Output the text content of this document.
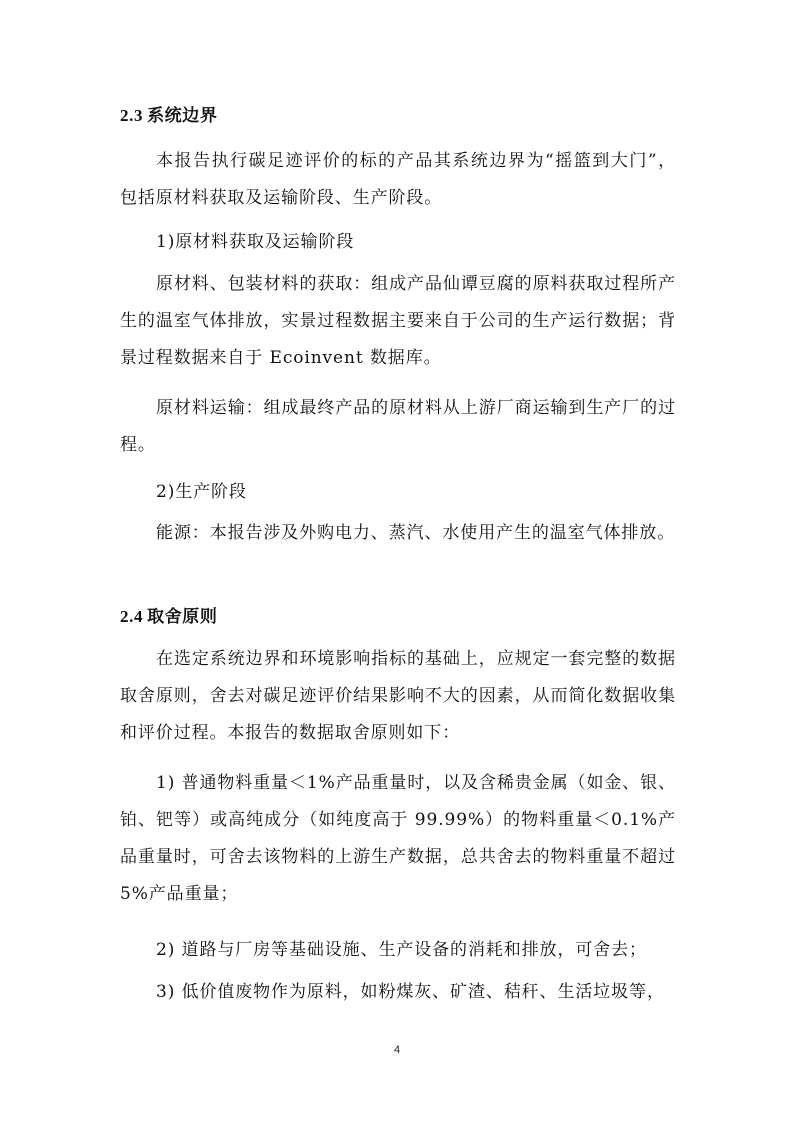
2.3 系统边界

本报告执行碳足迹评价的标的产品其系统边界为“摇篮到大门”，包括原材料获取及运输阶段、生产阶段。

1)原材料获取及运输阶段

原材料、包装材料的获取：组成产品仙谭豆腐的原料获取过程所产生的温室气体排放，实景过程数据主要来自于公司的生产运行数据；背景过程数据来自于 Ecoinvent 数据库。

原材料运输：组成最终产品的原材料从上游厂商运输到生产厂的过程。

2)生产阶段

能源：本报告涉及外购电力、蒸汽、水使用产生的温室气体排放。

2.4 取舍原则

在选定系统边界和环境影响指标的基础上，应规定一套完整的数据取舍原则，舍去对碳足迹评价结果影响不大的因素，从而简化数据收集和评价过程。本报告的数据取舍原则如下：

1) 普通物料重量＜1%产品重量时，以及含稀贵金属（如金、银、铂、钯等）或高纯成分（如纯度高于 99.99%）的物料重量＜0.1%产品重量时，可舍去该物料的上游生产数据，总共舍去的物料重量不超过 5%产品重量；

2) 道路与厂房等基础设施、生产设备的消耗和排放，可舍去；

3) 低价值废物作为原料，如粉煤灰、矿渣、秸秆、生活垃圾等，

4
